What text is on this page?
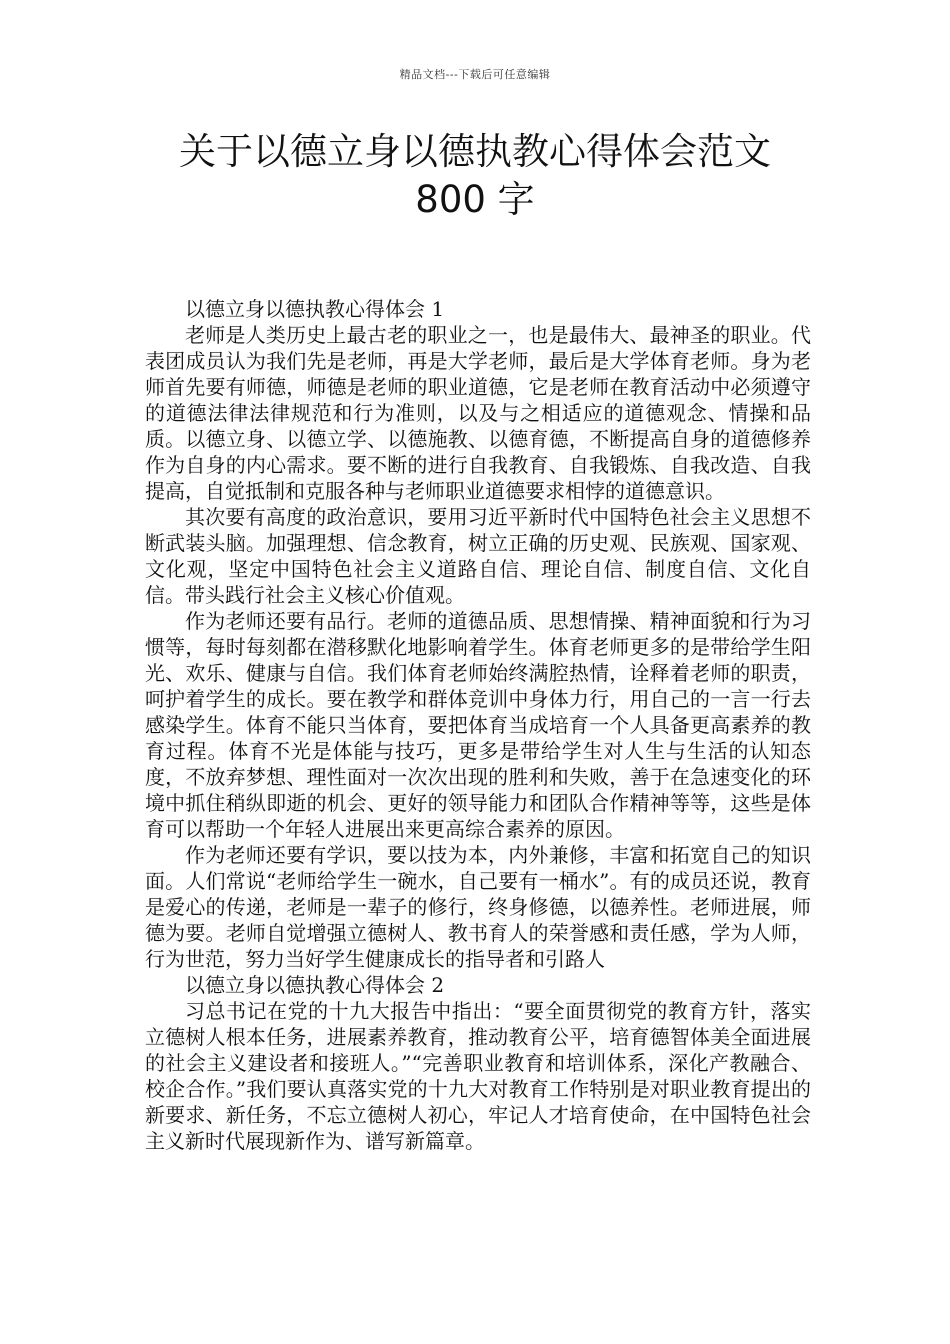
精品文档---下载后可任意编辑
关于以德立身以德执教心得体会范文
800 字

以德立身以德执教心得体会 1

老师是人类历史上最古老的职业之一，也是最伟大、最神圣的职业。代表团成员认为我们先是老师，再是大学老师，最后是大学体育老师。身为老师首先要有师德，师德是老师的职业道德，它是老师在教育活动中必须遵守的道德法律法律规范和行为准则，以及与之相适应的道德观念、情操和品质。以德立身、以德立学、以德施教、以德育德，不断提高自身的道德修养作为自身的内心需求。要不断的进行自我教育、自我锻炼、自我改造、自我提高，自觉抵制和克服各种与老师职业道德要求相悖的道德意识。

其次要有高度的政治意识，要用习近平新时代中国特色社会主义思想不断武装头脑。加强理想、信念教育，树立正确的历史观、民族观、国家观、文化观，坚定中国特色社会主义道路自信、理论自信、制度自信、文化自信。带头践行社会主义核心价值观。

作为老师还要有品行。老师的道德品质、思想情操、精神面貌和行为习惯等，每时每刻都在潜移默化地影响着学生。体育老师更多的是带给学生阳光、欢乐、健康与自信。我们体育老师始终满腔热情，诠释着老师的职责，呵护着学生的成长。要在教学和群体竞训中身体力行，用自己的一言一行去感染学生。体育不能只当体育，要把体育当成培育一个人具备更高素养的教育过程。体育不光是体能与技巧，更多是带给学生对人生与生活的认知态度，不放弃梦想、理性面对一次次出现的胜利和失败，善于在急速变化的环境中抓住稍纵即逝的机会、更好的领导能力和团队合作精神等等，这些是体育可以帮助一个年轻人进展出来更高综合素养的原因。

作为老师还要有学识，要以技为本，内外兼修，丰富和拓宽自己的知识面。人们常说“老师给学生一碗水，自己要有一桶水”。有的成员还说，教育是爱心的传递，老师是一辈子的修行，终身修德，以德养性。老师进展，师德为要。老师自觉增强立德树人、教书育人的荣誉感和责任感，学为人师，行为世范，努力当好学生健康成长的指导者和引路人

以德立身以德执教心得体会 2

习总书记在党的十九大报告中指出：“要全面贯彻党的教育方针，落实立德树人根本任务，进展素养教育，推动教育公平，培育德智体美全面进展的社会主义建设者和接班人。”“完善职业教育和培训体系，深化产教融合、校企合作。”我们要认真落实党的十九大对教育工作特别是对职业教育提出的新要求、新任务，不忘立德树人初心，牢记人才培育使命，在中国特色社会主义新时代展现新作为、谱写新篇章。
